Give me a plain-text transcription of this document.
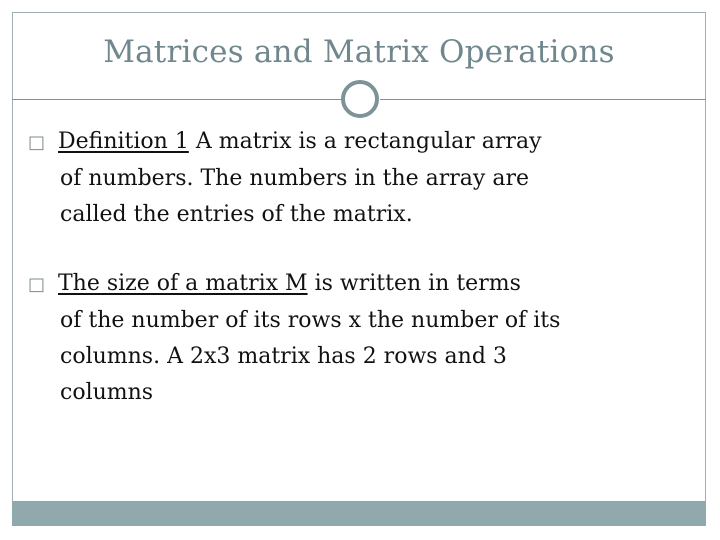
Matrices and Matrix Operations
□ Definition 1 A matrix is a rectangular array
of numbers. The numbers in the array are
called the entries of the matrix.
□ The size of a matrix M is written in terms
of the number of its rows x the number of its
columns. A 2x3 matrix has 2 rows and 3
columns
